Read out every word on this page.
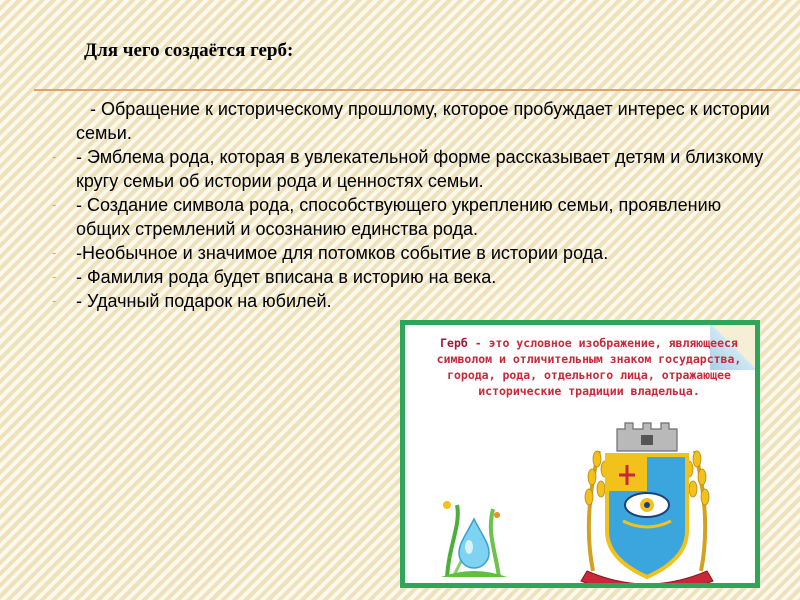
Для чего создаётся герб:
- Обращение к историческому прошлому, которое пробуждает интерес к истории семьи.
- - Эмблема рода, которая в увлекательной форме рассказывает детям и близкому кругу семьи об истории рода и ценностях семьи.
- - Создание символа рода, способствующего укреплению семьи, проявлению общих стремлений и осознанию единства рода.
- -Необычное и значимое для потомков событие в истории рода.
- - Фамилия рода будет вписана в историю на века.
- - Удачный подарок на юбилей.
Герб - это условное изображение, являющееся символом и отличительным знаком государства, города, рода, отдельного лица, отражающее исторические традиции владельца.
